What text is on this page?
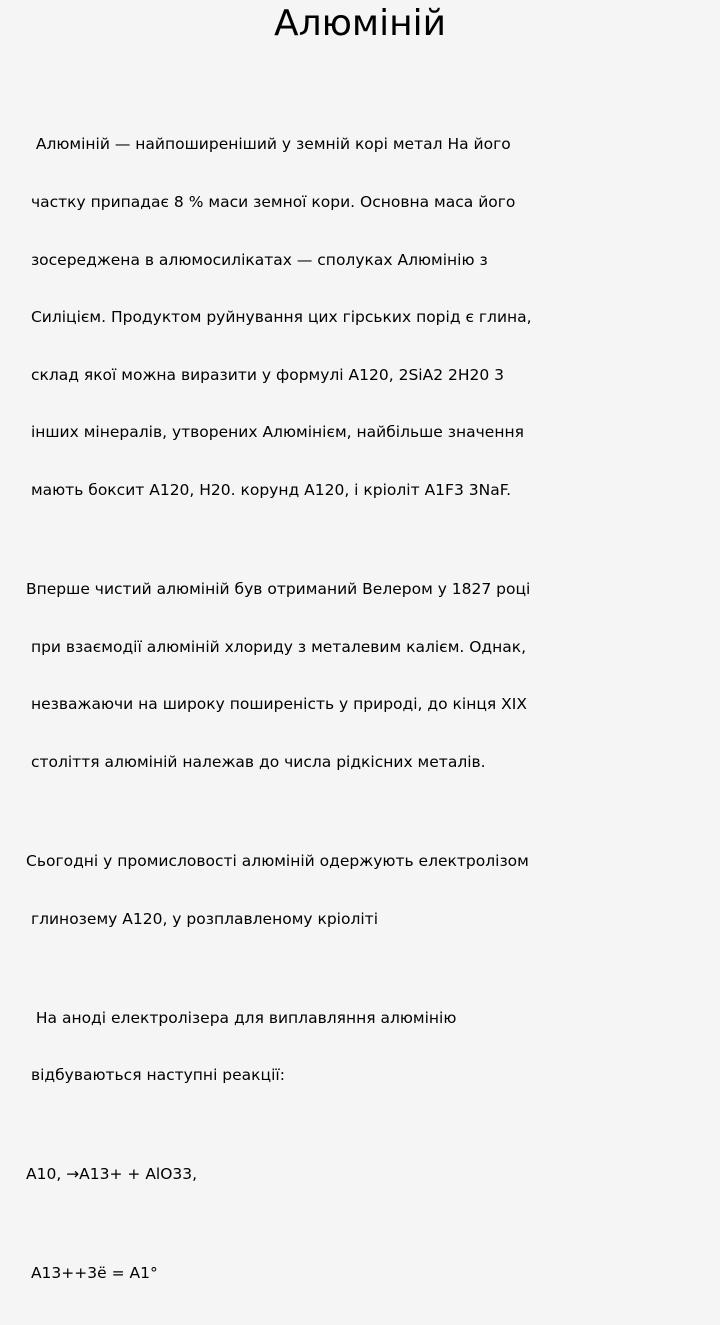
Алюміній

Алюміній — найпоширеніший у земній корі метал На його

частку припадає 8 % маси земної кори. Основна маса його

зосереджена в алюмосилікатах — сполуках Алюмінію з

Силіцієм. Продуктом руйнування цих гірських порід є глина,

склад якої можна виразити у формулі А120, 2SіА2 2Н20 3

інших мінералів, утворених Алюмінієм, найбільше значення

мають боксит А120, Н20. корунд А120, і кріоліт А1F3 3NaF.

Вперше чистий алюміній був отриманий Велером у 1827 році

при взаємодії алюміній хлориду з металевим калієм. Однак,

незважаючи на широку поширеність у природі, до кінця XIX

століття алюміній належав до числа рідкісних металів.

Сьогодні у промисловості алюміній одержують електролізом

глинозему А120, у розплавленому кріоліті

На аноді електролізера для виплавляння алюмінію

відбуваються наступні реакції:

А10, →А13+ + АlO33,

А13++3ё = А1°
